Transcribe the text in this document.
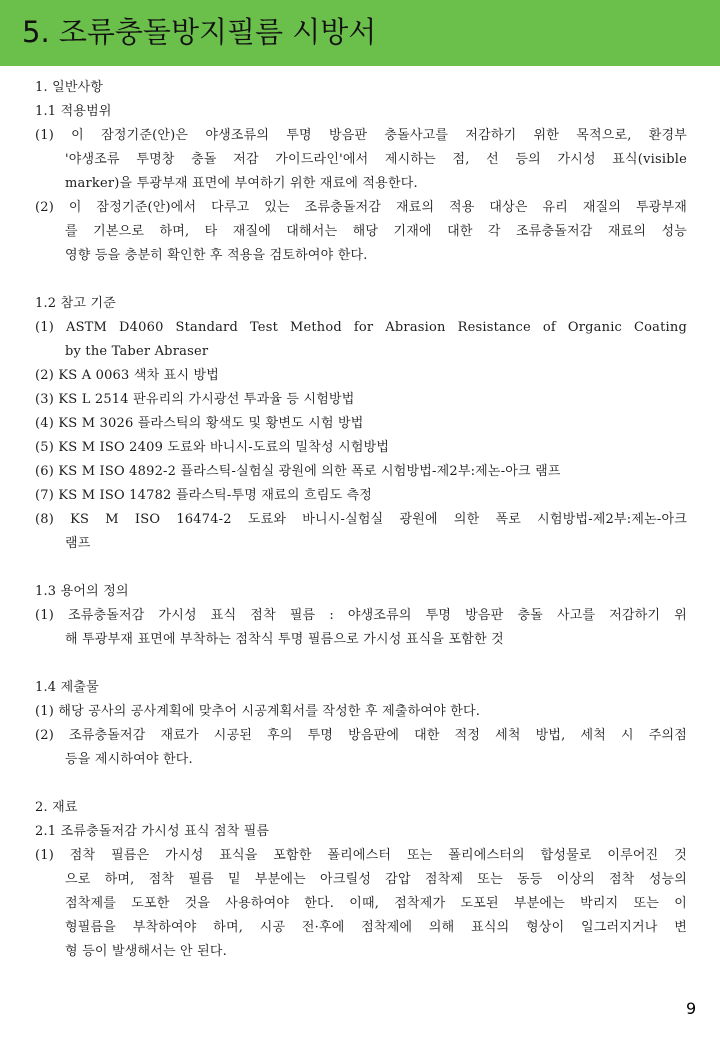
5. 조류충돌방지필름 시방서
1. 일반사항
1.1 적용범위
(1) 이 잠정기준(안)은 야생조류의 투명 방음판 충돌사고를 저감하기 위한 목적으로, 환경부
'야생조류 투명창 충돌 저감 가이드라인'에서 제시하는 점, 선 등의 가시성 표식(visible
marker)을 투광부재 표면에 부여하기 위한 재료에 적용한다.
(2) 이 잠정기준(안)에서 다루고 있는 조류충돌저감 재료의 적용 대상은 유리 재질의 투광부재
를 기본으로 하며, 타 재질에 대해서는 해당 기재에 대한 각 조류충돌저감 재료의 성능
영향 등을 충분히 확인한 후 적용을 검토하여야 한다.
1.2 참고 기준
(1) ASTM D4060 Standard Test Method for Abrasion Resistance of Organic Coating
by the Taber Abraser
(2) KS A 0063 색차 표시 방법
(3) KS L 2514 판유리의 가시광선 투과율 등 시험방법
(4) KS M 3026 플라스틱의 황색도 및 황변도 시험 방법
(5) KS M ISO 2409 도료와 바니시-도료의 밀착성 시험방법
(6) KS M ISO 4892-2 플라스틱-실험실 광원에 의한 폭로 시험방법-제2부:제논-아크 램프
(7) KS M ISO 14782 플라스틱-투명 재료의 흐림도 측정
(8) KS M ISO 16474-2 도료와 바니시-실험실 광원에 의한 폭로 시험방법-제2부:제논-아크
램프
1.3 용어의 정의
(1) 조류충돌저감 가시성 표식 점착 필름 : 야생조류의 투명 방음판 충돌 사고를 저감하기 위
해 투광부재 표면에 부착하는 점착식 투명 필름으로 가시성 표식을 포함한 것
1.4 제출물
(1) 해당 공사의 공사계획에 맞추어 시공계획서를 작성한 후 제출하여야 한다.
(2) 조류충돌저감 재료가 시공된 후의 투명 방음판에 대한 적정 세척 방법, 세척 시 주의점
등을 제시하여야 한다.
2. 재료
2.1 조류충돌저감 가시성 표식 점착 필름
(1) 점착 필름은 가시성 표식을 포함한 폴리에스터 또는 폴리에스터의 합성물로 이루어진 것
으로 하며, 점착 필름 밑 부분에는 아크릴성 감압 점착제 또는 동등 이상의 점착 성능의
점착제를 도포한 것을 사용하여야 한다. 이때, 점착제가 도포된 부분에는 박리지 또는 이
형필름을 부착하여야 하며, 시공 전·후에 점착제에 의해 표식의 형상이 일그러지거나 변
형 등이 발생해서는 안 된다.
9
